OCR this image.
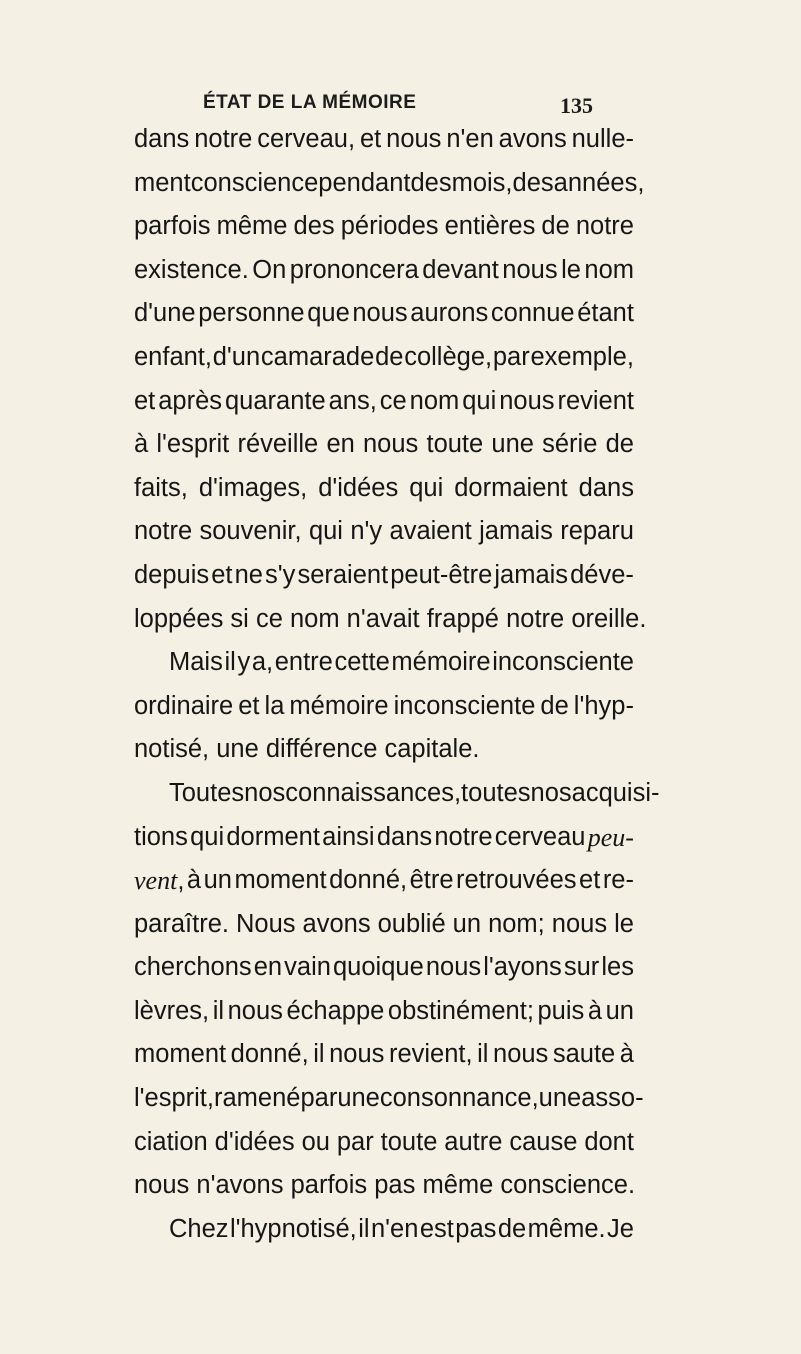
ÉTAT DE LA MÉMOIRE	135
dans notre cerveau, et nous n'en avons nulle-
ment conscience pendant des mois, des années,
parfois même des périodes entières de notre
existence. On prononcera devant nous le nom
d'une personne que nous aurons connue étant
enfant, d'un camarade de collège, par exemple,
et après quarante ans, ce nom qui nous revient
à l'esprit réveille en nous toute une série de
faits, d'images, d'idées qui dormaient dans
notre souvenir, qui n'y avaient jamais reparu
depuis et ne s'y seraient peut-être jamais déve-
loppées si ce nom n'avait frappé notre oreille.
Mais il y a, entre cette mémoire inconsciente
ordinaire et la mémoire inconsciente de l'hyp-
notisé, une différence capitale.
Toutes nos connaissances, toutes nos acquisi-
tions qui dorment ainsi dans notre cerveau peu-
vent, à un moment donné, être retrouvées et re-
paraître. Nous avons oublié un nom; nous le
cherchons en vain quoique nous l'ayons sur les
lèvres, il nous échappe obstinément; puis à un
moment donné, il nous revient, il nous saute à
l'esprit, ramené par une consonnance, une asso-
ciation d'idées ou par toute autre cause dont
nous n'avons parfois pas même conscience.
Chez l'hypnotisé, il n'en est pas de même. Je
